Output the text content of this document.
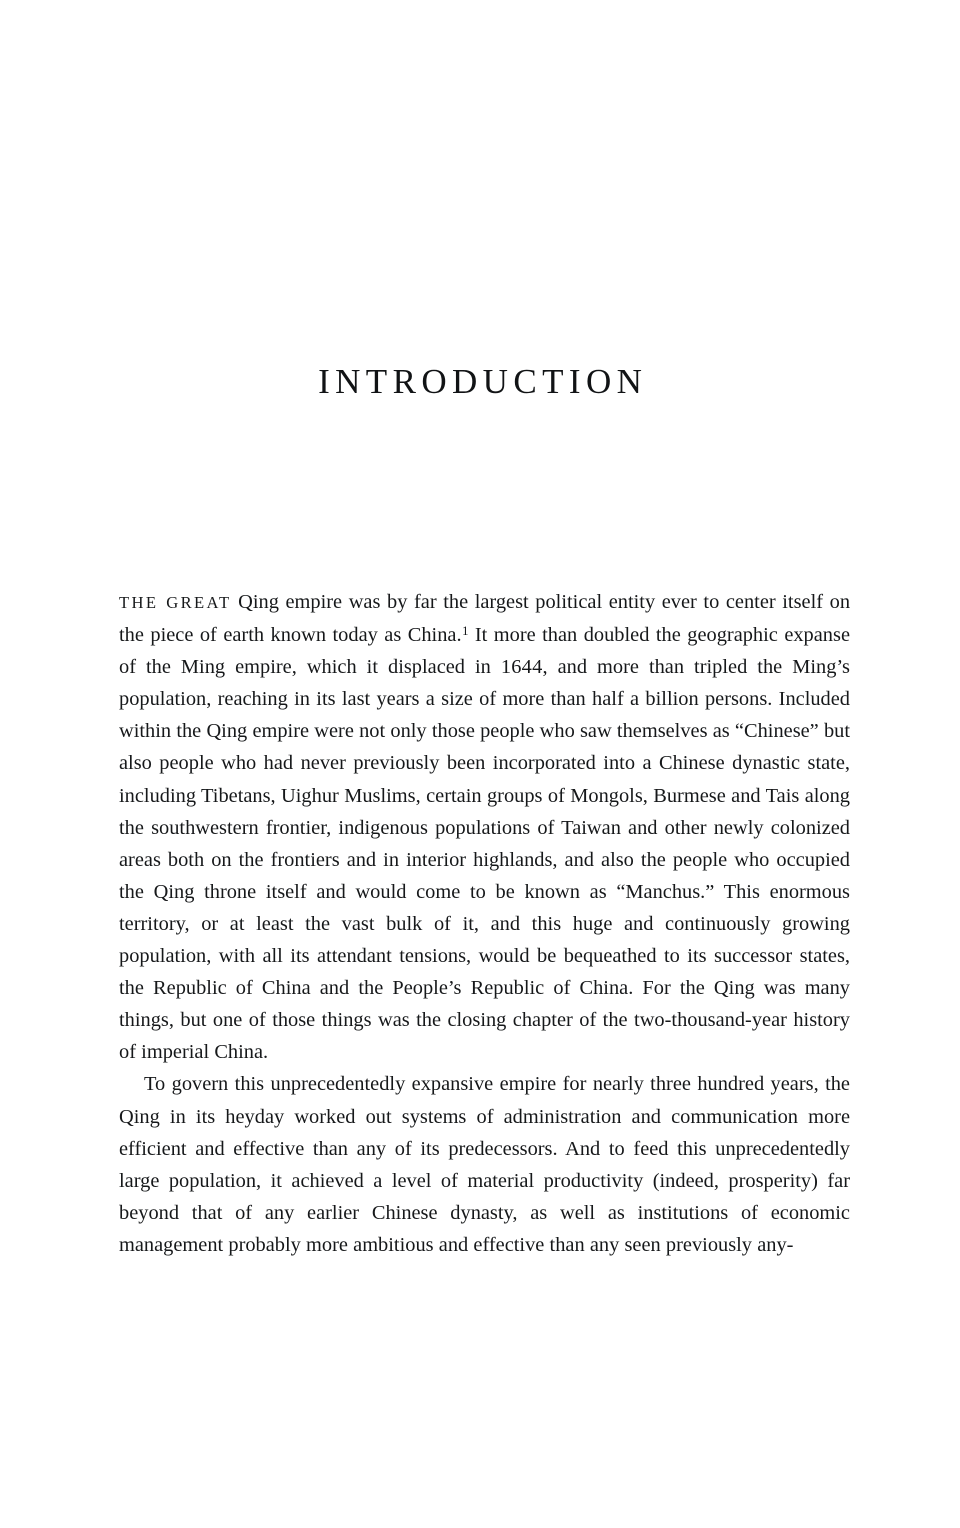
INTRODUCTION

THE GREAT Qing empire was by far the largest political entity ever to center itself on the piece of earth known today as China.$^1$ It more than doubled the geographic expanse of the Ming empire, which it displaced in 1644, and more than tripled the Ming’s population, reaching in its last years a size of more than half a billion persons. Included within the Qing empire were not only those people who saw themselves as “Chinese” but also people who had never previously been incorporated into a Chinese dynastic state, including Tibetans, Uighur Muslims, certain groups of Mongols, Burmese and Tais along the southwestern frontier, indigenous populations of Taiwan and other newly colonized areas both on the frontiers and in interior highlands, and also the people who occupied the Qing throne itself and would come to be known as “Manchus.” This enormous territory, or at least the vast bulk of it, and this huge and continuously growing population, with all its attendant tensions, would be bequeathed to its successor states, the Republic of China and the People’s Republic of China. For the Qing was many things, but one of those things was the closing chapter of the two-thousand-year history of imperial China.

To govern this unprecedentedly expansive empire for nearly three hundred years, the Qing in its heyday worked out systems of administration and communication more efficient and effective than any of its predecessors. And to feed this unprecedentedly large population, it achieved a level of material productivity (indeed, prosperity) far beyond that of any earlier Chinese dynasty, as well as institutions of economic management probably more ambitious and effective than any seen previously any-
